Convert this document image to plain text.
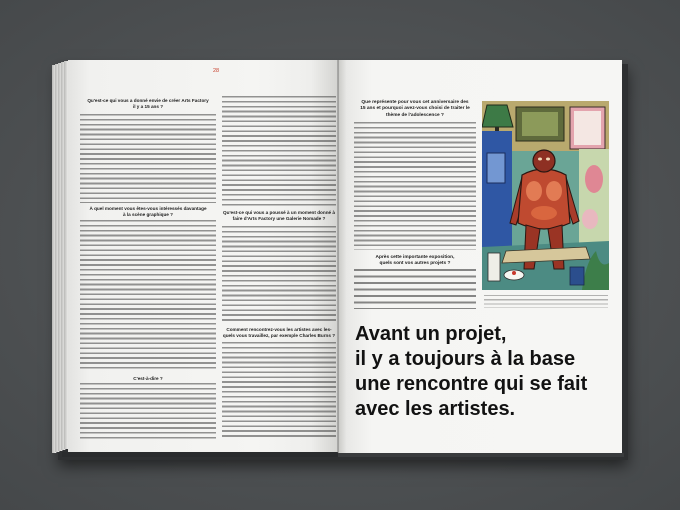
28
Qu'est-ce qui vous a donné envie de créer Arts Factory
il y a 15 ans ?
À quel moment vous êtes-vous intéressés davantage
à la scène graphique ?
C'est-à-dire ?
Qu'est-ce qui vous a poussé à un moment donné à
faire d'Arts Factory une Galerie Nomade ?
Comment rencontrez-vous les artistes avec les-
quels vous travaillez, par exemple Charles Burns ?
Que représente pour vous cet anniversaire des
15 ans et pourquoi avez-vous choisi de traiter le
thème de l'adolescence ?
Après cette importante exposition,
quels sont vos autres projets ?
Avant un projet,
il y a toujours à la base
une rencontre qui se fait
avec les artistes.
